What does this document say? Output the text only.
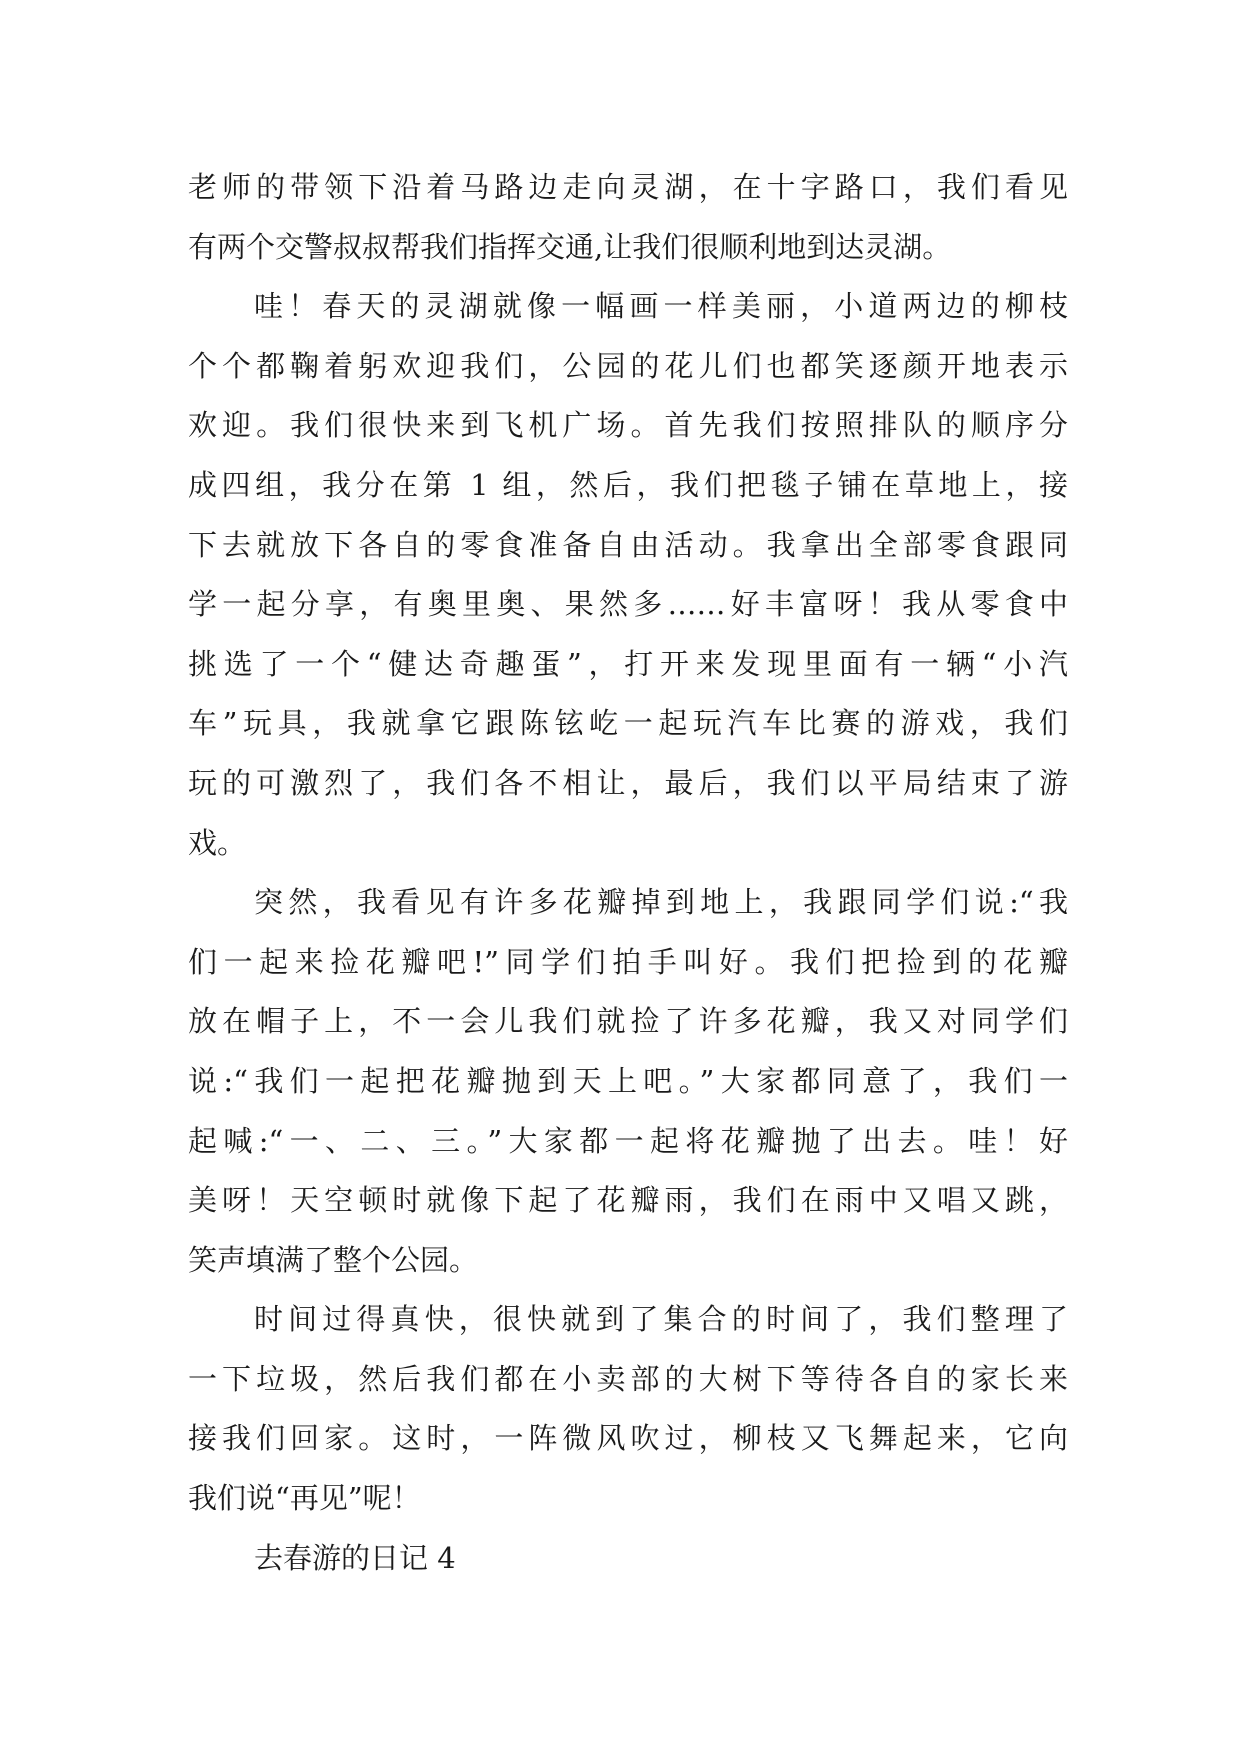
老师的带领下沿着马路边走向灵湖，在十字路口，我们看见
有两个交警叔叔帮我们指挥交通,让我们很顺利地到达灵湖。
哇！春天的灵湖就像一幅画一样美丽，小道两边的柳枝
个个都鞠着躬欢迎我们，公园的花儿们也都笑逐颜开地表示
欢迎。我们很快来到飞机广场。首先我们按照排队的顺序分
成四组，我分在第 1 组，然后，我们把毯子铺在草地上，接
下去就放下各自的零食准备自由活动。我拿出全部零食跟同
学一起分享，有奥里奥、果然多……好丰富呀！我从零食中
挑选了一个“健达奇趣蛋”，打开来发现里面有一辆“小汽
车”玩具，我就拿它跟陈铉屹一起玩汽车比赛的游戏，我们
玩的可激烈了，我们各不相让，最后，我们以平局结束了游
戏。
突然，我看见有许多花瓣掉到地上，我跟同学们说:“我
们一起来捡花瓣吧!”同学们拍手叫好。我们把捡到的花瓣
放在帽子上，不一会儿我们就捡了许多花瓣，我又对同学们
说:“我们一起把花瓣抛到天上吧。”大家都同意了，我们一
起喊:“一、二、三。”大家都一起将花瓣抛了出去。哇！好
美呀！天空顿时就像下起了花瓣雨，我们在雨中又唱又跳，
笑声填满了整个公园。
时间过得真快，很快就到了集合的时间了，我们整理了
一下垃圾，然后我们都在小卖部的大树下等待各自的家长来
接我们回家。这时，一阵微风吹过，柳枝又飞舞起来，它向
我们说“再见”呢！
去春游的日记 4
